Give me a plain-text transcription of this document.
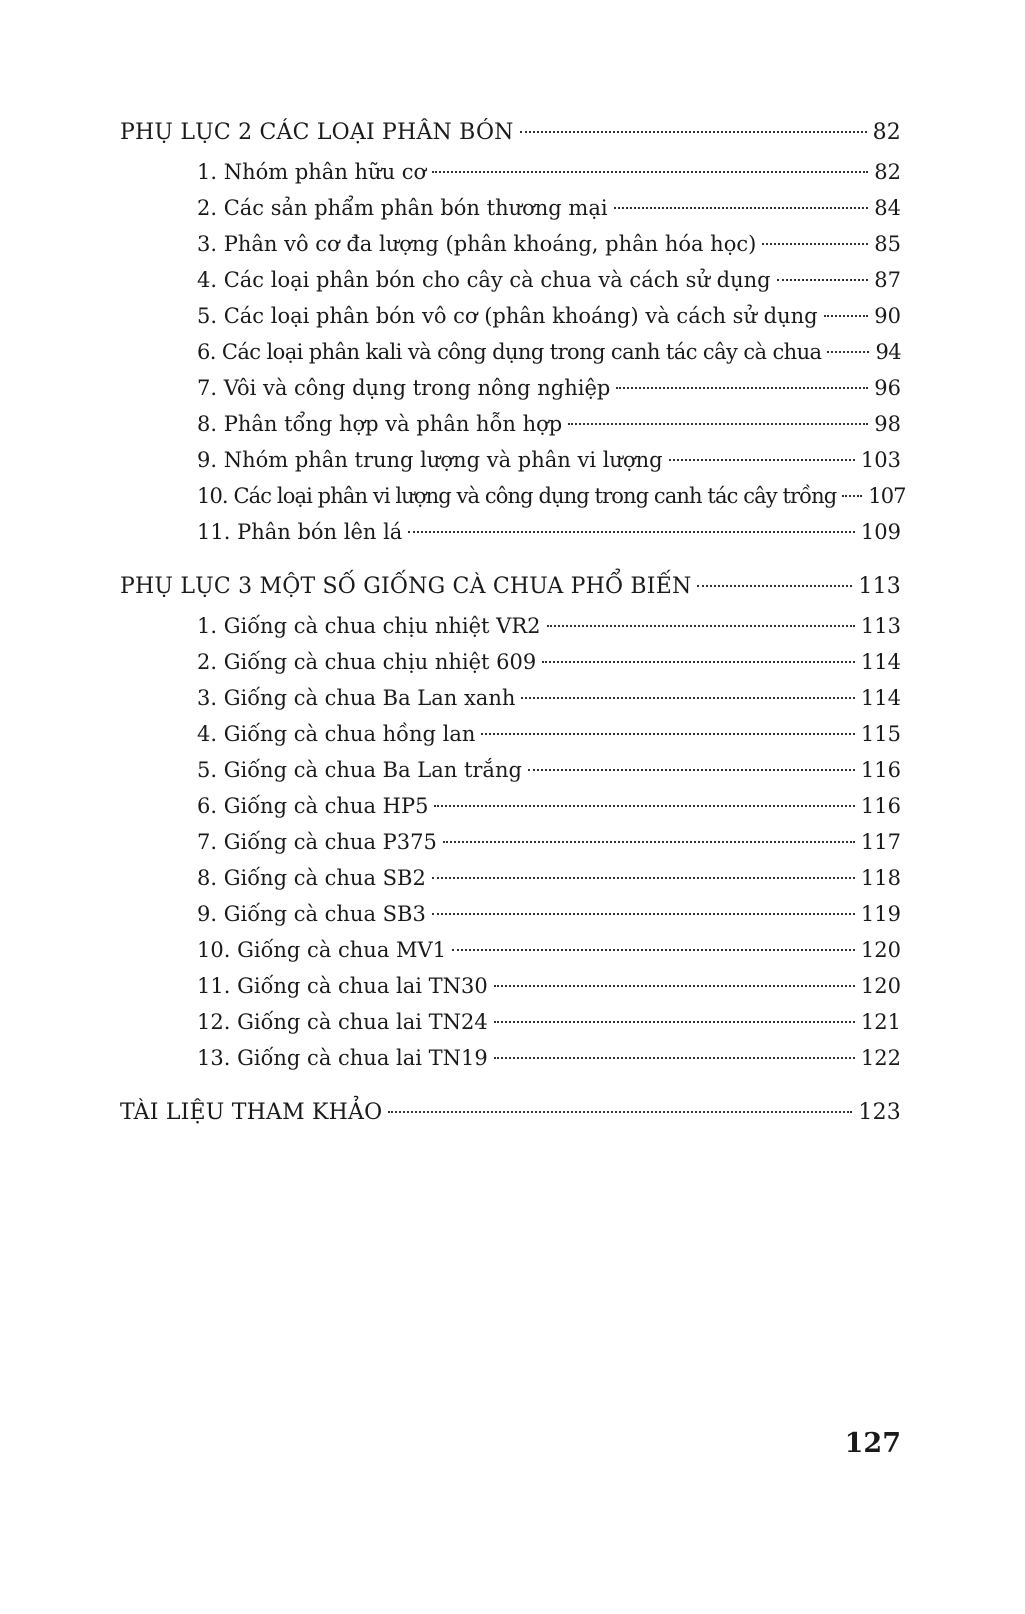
PHỤ LỤC 2 CÁC LOẠI PHÂN BÓN	82
1. Nhóm phân hữu cơ	82
2. Các sản phẩm phân bón thương mại	84
3. Phân vô cơ đa lượng (phân khoáng, phân hóa học)	85
4. Các loại phân bón cho cây cà chua và cách sử dụng	87
5. Các loại phân bón vô cơ (phân khoáng) và cách sử dụng	90
6. Các loại phân kali và công dụng trong canh tác cây cà chua	94
7. Vôi và công dụng trong nông nghiệp	96
8. Phân tổng hợp và phân hỗn hợp	98
9. Nhóm phân trung lượng và phân vi lượng	103
10. Các loại phân vi lượng và công dụng trong canh tác cây trồng 107
11. Phân bón lên lá	109
PHỤ LỤC 3 MỘT SỐ GIỐNG CÀ CHUA PHỔ BIẾN	113
1. Giống cà chua chịu nhiệt VR2	113
2. Giống cà chua chịu nhiệt 609	114
3. Giống cà chua Ba Lan xanh	114
4. Giống cà chua hồng lan	115
5. Giống cà chua Ba Lan trắng	116
6. Giống cà chua HP5	116
7. Giống cà chua P375	117
8. Giống cà chua SB2	118
9. Giống cà chua SB3	119
10. Giống cà chua MV1	120
11. Giống cà chua lai TN30	120
12. Giống cà chua lai TN24	121
13. Giống cà chua lai TN19	122
TÀI LIỆU THAM KHẢO	123
127
